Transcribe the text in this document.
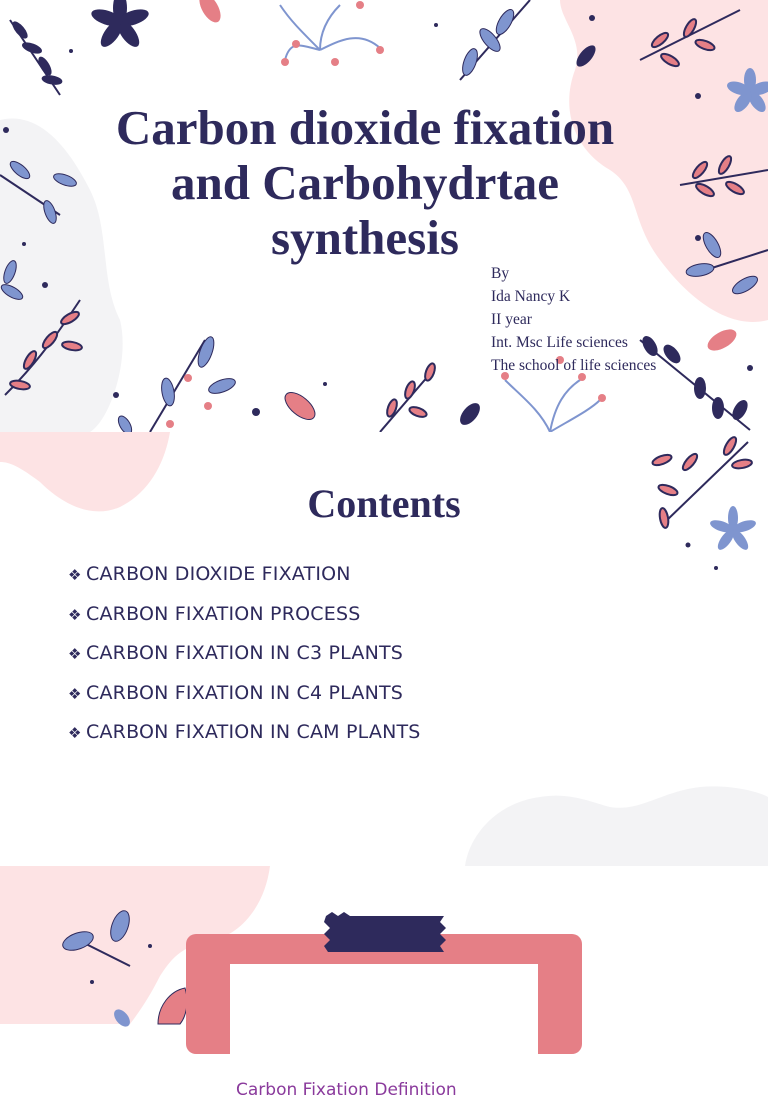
Carbon dioxide fixation
and Carbohydrtae
synthesis
By
Ida Nancy K
II year
Int. Msc Life sciences
The school of life sciences
Contents
❖ CARBON DIOXIDE FIXATION
❖ CARBON FIXATION PROCESS
❖ CARBON FIXATION IN C3 PLANTS
❖ CARBON FIXATION IN C4 PLANTS
❖ CARBON FIXATION IN CAM PLANTS
Carbon Fixation Definition
